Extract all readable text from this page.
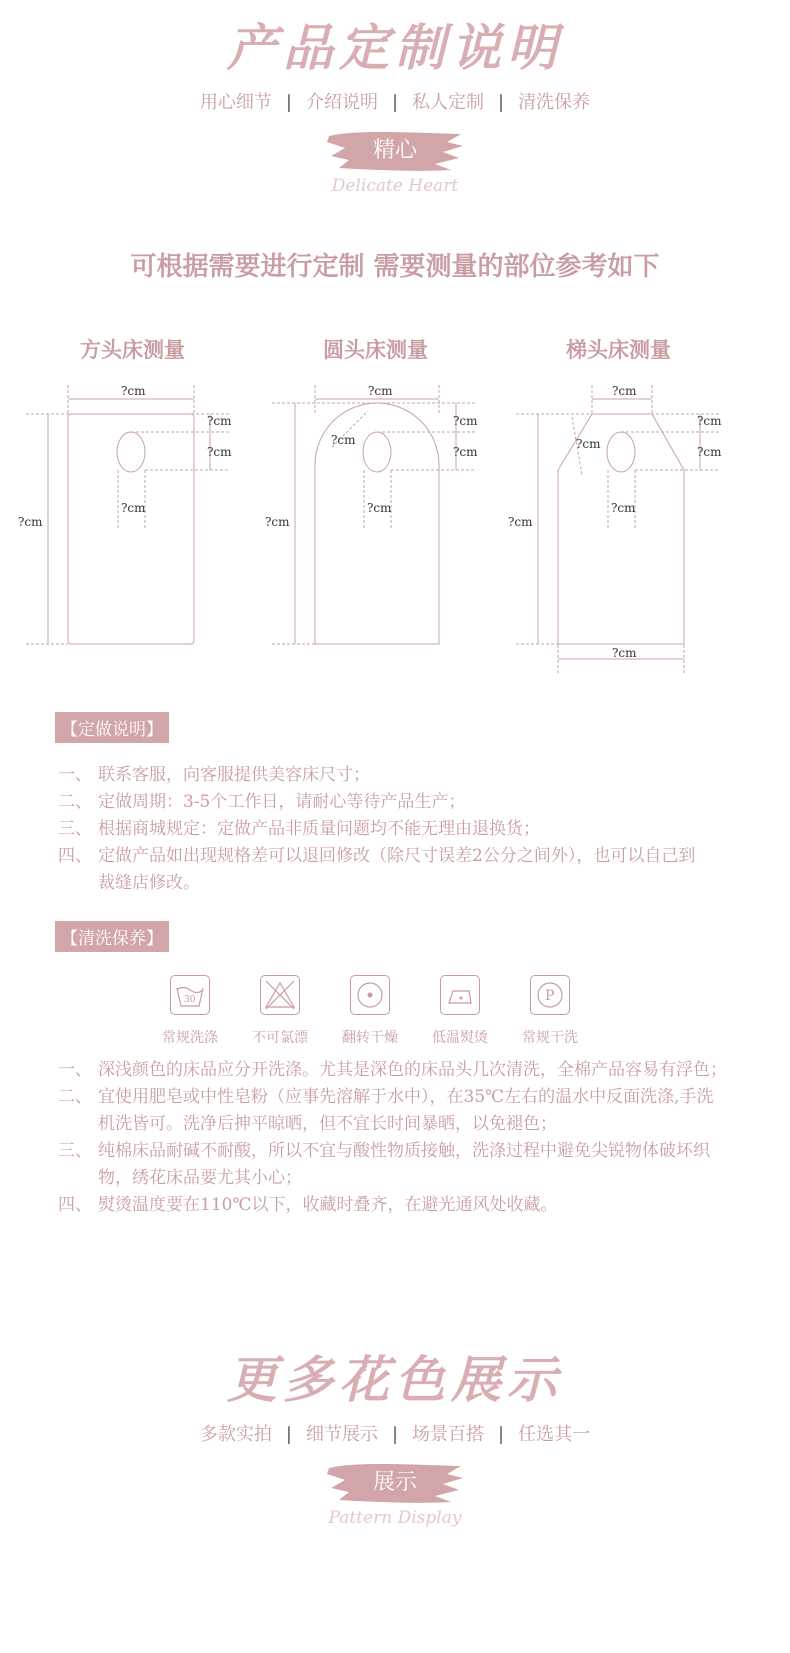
产品定制说明
用心细节 | 介绍说明 | 私人定制 | 清洗保养
精心
Delicate Heart
可根据需要进行定制 需要测量的部位参考如下
方头床测量	圆头床测量	梯头床测量
?cm
?cm
?cm
?cm
?cm
?cm
?cm
?cm
?cm
?cm
?cm
?cm
?cm
?cm
?cm
?cm
?cm
?cm
【定做说明】
一、 联系客服，向客服提供美容床尺寸；
二、 定做周期：3-5个工作日，请耐心等待产品生产；
三、 根据商城规定：定做产品非质量问题均不能无理由退换货；
四、 定做产品如出现规格差可以退回修改（除尺寸误差2公分之间外），也可以自己到裁缝店修改。
【清洗保养】
30
常规洗涤	不可氯漂	翻转干燥	低温熨烫
P
常规干洗
一、 深浅颜色的床品应分开洗涤。尤其是深色的床品头几次清洗，全棉产品容易有浮色；
二、 宜使用肥皂或中性皂粉（应事先溶解于水中），在35℃左右的温水中反面洗涤,手洗机洗皆可。洗净后抻平晾晒，但不宜长时间暴晒，以免褪色；
三、 纯棉床品耐碱不耐酸，所以不宜与酸性物质接触，洗涤过程中避免尖锐物体破坏织物，绣花床品要尤其小心；
四、 熨烫温度要在110℃以下，收藏时叠齐，在避光通风处收藏。
更多花色展示
多款实拍 | 细节展示 | 场景百搭 | 任选其一
展示
Pattern Display
